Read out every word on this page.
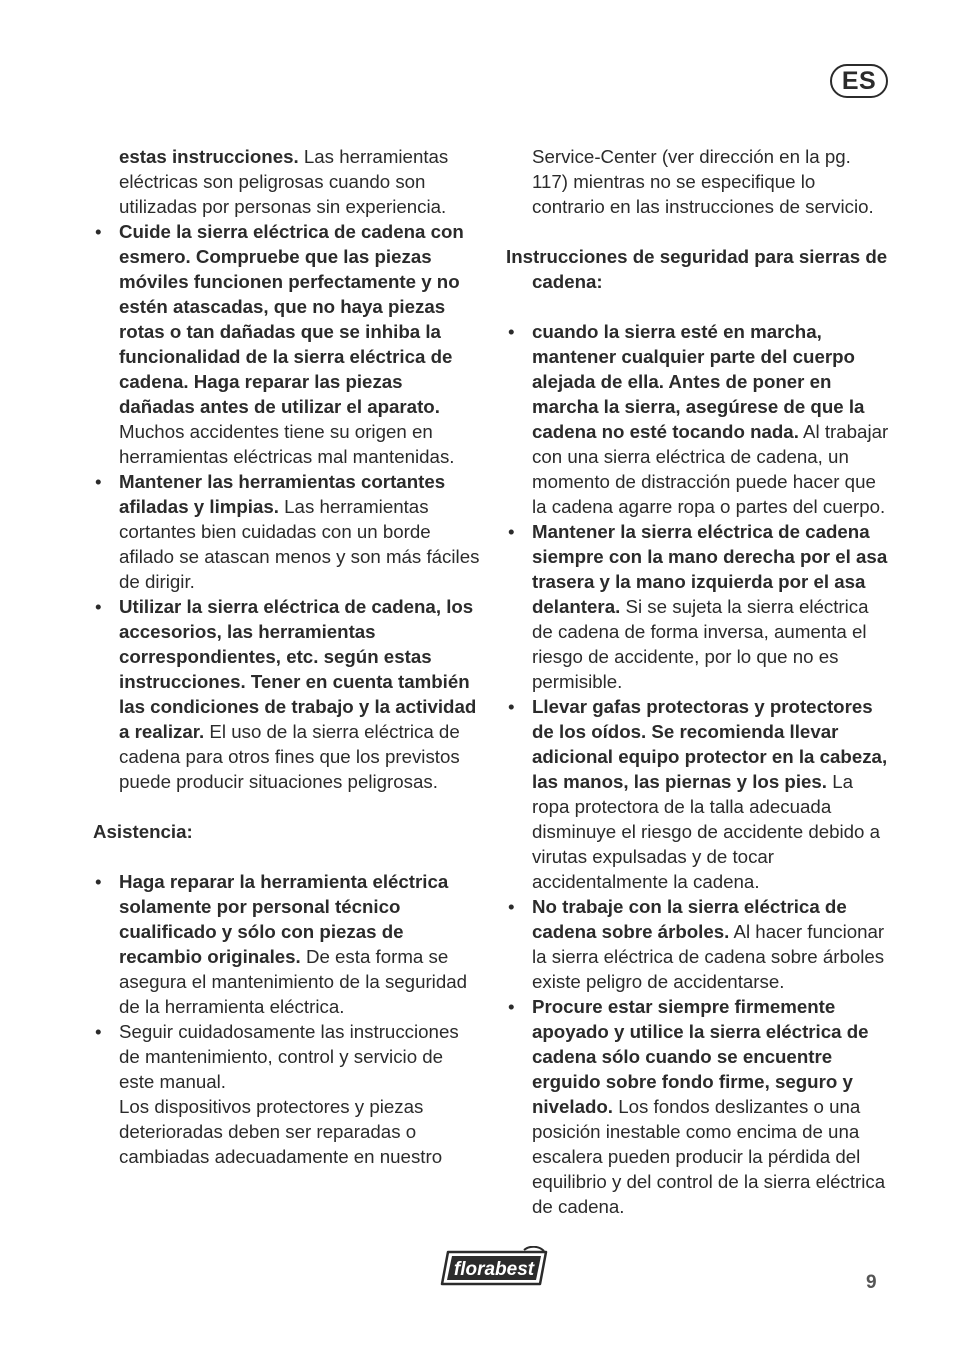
ES
estas instrucciones. Las herramientas eléctricas son peligrosas cuando son utilizadas por personas sin experiencia.
• Cuide la sierra eléctrica de cadena con esmero. Compruebe que las piezas móviles funcionen perfectamente y no estén atascadas, que no haya piezas rotas o tan dañadas que se inhiba la funcionalidad de la sierra eléctrica de cadena. Haga reparar las piezas dañadas antes de utilizar el aparato. Muchos accidentes tiene su origen en herramientas eléctricas mal mantenidas.
• Mantener las herramientas cortantes afiladas y limpias. Las herramientas cortantes bien cuidadas con un borde afilado se atascan menos y son más fáciles de dirigir.
• Utilizar la sierra eléctrica de cadena, los accesorios, las herramientas correspondientes, etc. según estas instrucciones. Tener en cuenta también las condiciones de trabajo y la actividad a realizar. El uso de la sierra eléctrica de cadena para otros fines que los previstos puede producir situaciones peligrosas.
Asistencia:
• Haga reparar la herramienta eléctrica solamente por personal técnico cualificado y sólo con piezas de recambio originales. De esta forma se asegura el mantenimiento de la seguridad de la herramienta eléctrica.
• Seguir cuidadosamente las instrucciones de mantenimiento, control y servicio de este manual.
Los dispositivos protectores y piezas deterioradas deben ser reparadas o cambiadas adecuadamente en nuestro
Service-Center (ver dirección en la pg. 117) mientras no se especifique lo contrario en las instrucciones de servicio.
Instrucciones de seguridad para sierras de cadena:
• cuando la sierra esté en marcha, mantener cualquier parte del cuerpo alejada de ella. Antes de poner en marcha la sierra, asegúrese de que la cadena no esté tocando nada. Al trabajar con una sierra eléctrica de cadena, un momento de distracción puede hacer que la cadena agarre ropa o partes del cuerpo.
• Mantener la sierra eléctrica de cadena siempre con la mano derecha por el asa trasera y la mano izquierda por el asa delantera. Si se sujeta la sierra eléctrica de cadena de forma inversa, aumenta el riesgo de accidente, por lo que no es permisible.
• Llevar gafas protectoras y protectores de los oídos. Se recomienda llevar adicional equipo protector en la cabeza, las manos, las piernas y los pies. La ropa protectora de la talla adecuada disminuye el riesgo de accidente debido a virutas expulsadas y de tocar accidentalmente la cadena.
• No trabaje con la sierra eléctrica de cadena sobre árboles. Al hacer funcionar la sierra eléctrica de cadena sobre árboles existe peligro de accidentarse.
• Procure estar siempre firmemente apoyado y utilice la sierra eléctrica de cadena sólo cuando se encuentre erguido sobre fondo firme, seguro y nivelado. Los fondos deslizantes o una posición inestable como encima de una escalera pueden producir la pérdida del equilibrio y del control de la sierra eléctrica de cadena.
florabest
9
